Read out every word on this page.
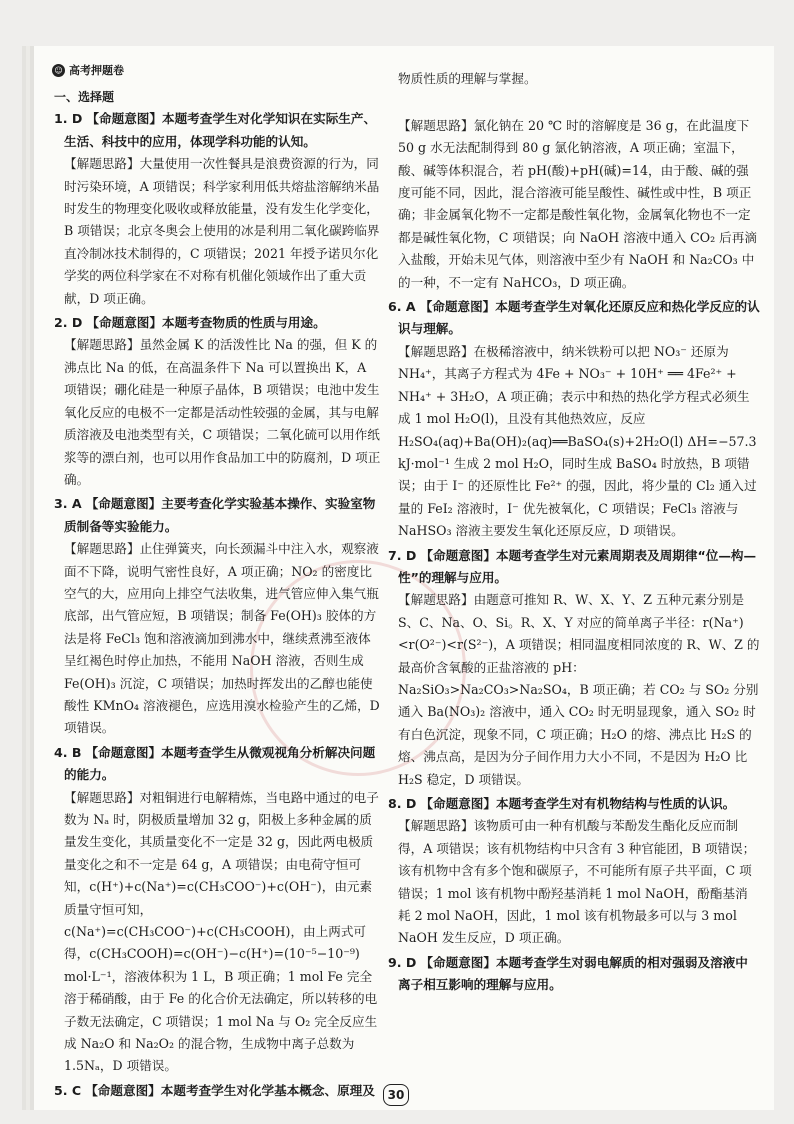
☺ 高考押题卷
一、选择题
1. D 【命题意图】本题考查学生对化学知识在实际生产、生活、科技中的应用，体现学科功能的认知。
【解题思路】大量使用一次性餐具是浪费资源的行为，同时污染环境，A 项错误；科学家利用低共熔盐溶解纳米晶时发生的物理变化吸收或释放能量，没有发生化学变化，B 项错误；北京冬奥会上使用的冰是利用二氧化碳跨临界直冷制冰技术制得的，C 项错误；2021 年授予诺贝尔化学奖的两位科学家在不对称有机催化领域作出了重大贡献，D 项正确。
2. D 【命题意图】本题考查物质的性质与用途。
【解题思路】虽然金属 K 的活泼性比 Na 的强，但 K 的沸点比 Na 的低，在高温条件下 Na 可以置换出 K，A 项错误；硼化硅是一种原子晶体，B 项错误；电池中发生氧化反应的电极不一定都是活动性较强的金属，其与电解质溶液及电池类型有关，C 项错误；二氧化硫可以用作纸浆等的漂白剂，也可以用作食品加工中的防腐剂，D 项正确。
3. A 【命题意图】主要考查化学实验基本操作、实验室物质制备等实验能力。
【解题思路】止住弹簧夹，向长颈漏斗中注入水，观察液面不下降，说明气密性良好，A 项正确；NO₂ 的密度比空气的大，应用向上排空气法收集，进气管应伸入集气瓶底部，出气管应短，B 项错误；制备 Fe(OH)₃ 胶体的方法是将 FeCl₃ 饱和溶液滴加到沸水中，继续煮沸至液体呈红褐色时停止加热，不能用 NaOH 溶液，否则生成 Fe(OH)₃ 沉淀，C 项错误；加热时挥发出的乙醇也能使酸性 KMnO₄ 溶液褪色，应选用溴水检验产生的乙烯，D 项错误。
4. B 【命题意图】本题考查学生从微观视角分析解决问题的能力。
【解题思路】对粗铜进行电解精炼，当电路中通过的电子数为 Nₐ 时，阴极质量增加 32 g，阳极上多种金属的质量发生变化，其质量变化不一定是 32 g，因此两电极质量变化之和不一定是 64 g，A 项错误；由电荷守恒可知，c(H⁺)+c(Na⁺)=c(CH₃COO⁻)+c(OH⁻)，由元素质量守恒可知，c(Na⁺)=c(CH₃COO⁻)+c(CH₃COOH)，由上两式可得，c(CH₃COOH)=c(OH⁻)−c(H⁺)=(10⁻⁵−10⁻⁹) mol·L⁻¹，溶液体积为 1 L，B 项正确；1 mol Fe 完全溶于稀硝酸，由于 Fe 的化合价无法确定，所以转移的电子数无法确定，C 项错误；1 mol Na 与 O₂ 完全反应生成 Na₂O 和 Na₂O₂ 的混合物，生成物中离子总数为 1.5Nₐ，D 项错误。
5. C 【命题意图】本题考查学生对化学基本概念、原理及
物质性质的理解与掌握。
【解题思路】氯化钠在 20 ℃ 时的溶解度是 36 g，在此温度下 50 g 水无法配制得到 80 g 氯化钠溶液，A 项正确；室温下，酸、碱等体积混合，若 pH(酸)+pH(碱)=14，由于酸、碱的强度可能不同，因此，混合溶液可能呈酸性、碱性或中性，B 项正确；非金属氧化物不一定都是酸性氧化物，金属氧化物也不一定都是碱性氧化物，C 项错误；向 NaOH 溶液中通入 CO₂ 后再滴入盐酸，开始未见气体，则溶液中至少有 NaOH 和 Na₂CO₃ 中的一种，不一定有 NaHCO₃，D 项正确。
6. A 【命题意图】本题考查学生对氧化还原反应和热化学反应的认识与理解。
【解题思路】在极稀溶液中，纳米铁粉可以把 NO₃⁻ 还原为 NH₄⁺，其离子方程式为 4Fe + NO₃⁻ + 10H⁺ ══ 4Fe²⁺ + NH₄⁺ + 3H₂O，A 项正确；表示中和热的热化学方程式必须生成 1 mol H₂O(l)，且没有其他热效应，反应 H₂SO₄(aq)+Ba(OH)₂(aq)══BaSO₄(s)+2H₂O(l) ΔH=−57.3 kJ·mol⁻¹ 生成 2 mol H₂O，同时生成 BaSO₄ 时放热，B 项错误；由于 I⁻ 的还原性比 Fe²⁺ 的强，因此，将少量的 Cl₂ 通入过量的 FeI₂ 溶液时，I⁻ 优先被氧化，C 项错误；FeCl₃ 溶液与 NaHSO₃ 溶液主要发生氧化还原反应，D 项错误。
7. D 【命题意图】本题考查学生对元素周期表及周期律“位—构—性”的理解与应用。
【解题思路】由题意可推知 R、W、X、Y、Z 五种元素分别是 S、C、Na、O、Si。R、X、Y 对应的简单离子半径：r(Na⁺)<r(O²⁻)<r(S²⁻)，A 项错误；相同温度相同浓度的 R、W、Z 的最高价含氧酸的正盐溶液的 pH：Na₂SiO₃>Na₂CO₃>Na₂SO₄，B 项正确；若 CO₂ 与 SO₂ 分别通入 Ba(NO₃)₂ 溶液中，通入 CO₂ 时无明显现象，通入 SO₂ 时有白色沉淀，现象不同，C 项正确；H₂O 的熔、沸点比 H₂S 的熔、沸点高，是因为分子间作用力大小不同，不是因为 H₂O 比 H₂S 稳定，D 项错误。
8. D 【命题意图】本题考查学生对有机物结构与性质的认识。
【解题思路】该物质可由一种有机酸与苯酚发生酯化反应而制得，A 项错误；该有机物结构中只含有 3 种官能团，B 项错误；该有机物中含有多个饱和碳原子，不可能所有原子共平面，C 项错误；1 mol 该有机物中酚羟基消耗 1 mol NaOH，酚酯基消耗 2 mol NaOH，因此，1 mol 该有机物最多可以与 3 mol NaOH 发生反应，D 项正确。
9. D 【命题意图】本题考查学生对弱电解质的相对强弱及溶液中离子相互影响的理解与应用。
30
